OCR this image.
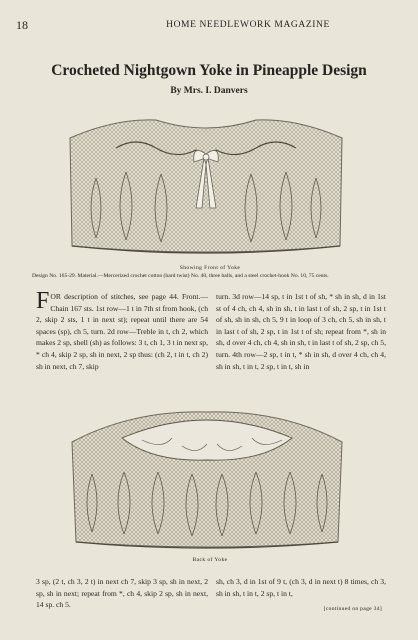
18	HOME NEEDLEWORK MAGAZINE
Crocheted Nightgown Yoke in Pineapple Design
By Mrs. I. Danvers
Showing Front of Yoke

Design No. 165-29. Material.—Mercerized crochet cotton (hard twist) No. 40, three balls, and a steel crochet-hook No. 10, 75 cents.

FOR description of stitches, see page 44. Front.—Chain 167 sts. 1st row—1 t in 7th st from hook, (ch 2, skip 2 sts, 1 t in next st); repeat until there are 54 spaces (sp), ch 5, turn. 2d row—Treble in t, ch 2, which makes 2 sp, shell (sh) as follows: 3 t, ch 1, 3 t in next sp, * ch 4, skip 2 sp, sh in next, 2 sp thus: (ch 2, t in t, ch 2) sh in next, ch 7, skip
turn. 3d row—14 sp, t in 1st t of sh, * sh in sh, d in 1st st of 4 ch, ch 4, sh in sh, t in last t of sh, 2 sp, t in 1st t of sh, sh in sh, ch 5, 9 t in loop of 3 ch, ch 5, sh in sh, t in last t of sh, 2 sp, t in 1st t of sh; repeat from *, sh in sh, d over 4 ch, ch 4, sh in sh, t in last t of sh, 2 sp, ch 5, turn. 4th row—2 sp, t in t, * sh in sh, d over 4 ch, ch 4, sh in sh, t in t, 2 sp, t in t, sh in
Back of Yoke
3 sp, (2 t, ch 3, 2 t) in next ch 7, skip 3 sp, sh in next, 2 sp, sh in next; repeat from *, ch 4, skip 2 sp, sh in next, 14 sp. ch 5.
sh, ch 3, d in 1st of 9 t, (ch 3, d in next t) 8 times, ch 3, sh in sh, t in t, 2 sp, t in t,
[continued on page 34]
